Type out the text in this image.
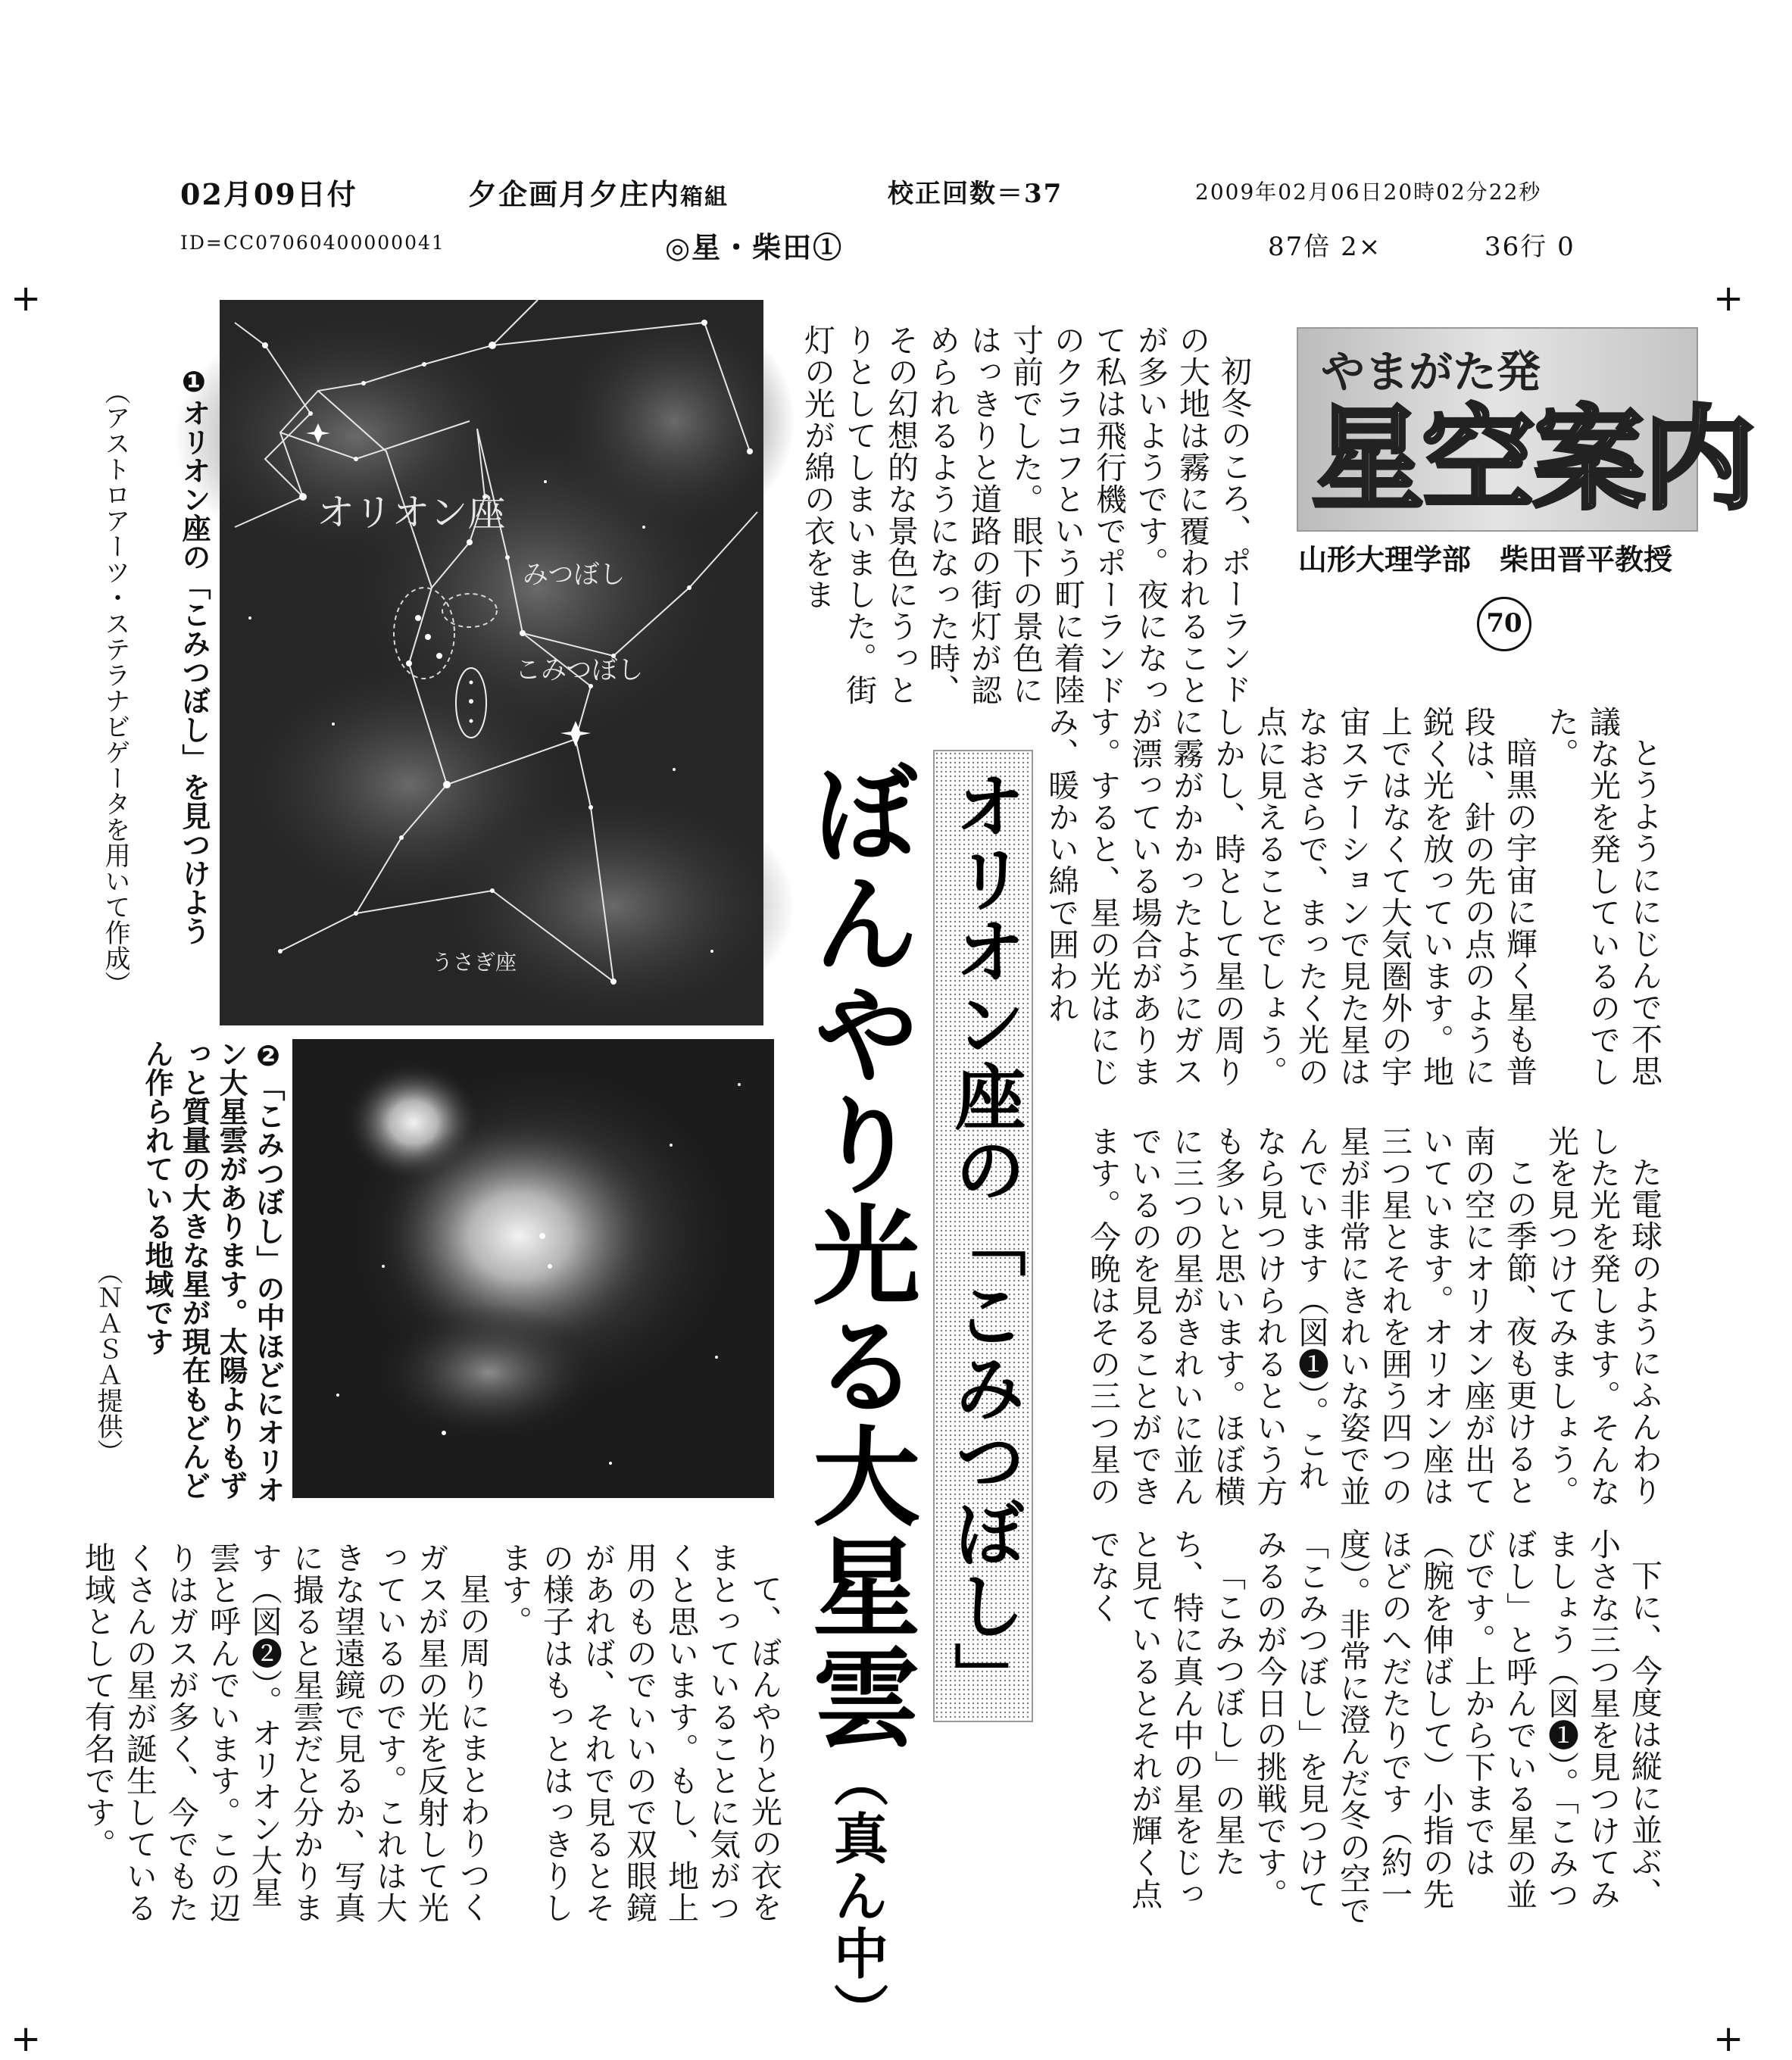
02月09日付	夕企画月夕庄内箱組	校正回数＝37	2009年02月06日20時02分22秒
ID=CC07060400000041	◎星・柴田①	87倍 2×	36行 0
+	+
+	+
やまがた発
星空案内
山形大理学部　柴田晋平教授
70
オリオン座
みつぼし
こみつぼし
うさぎ座
❶オリオン座の「こみつぼし」を見つけよう
（アストロアーツ・ステラナビゲータを用いて作成）
❷「こみつぼし」の中ほどにオリオン大星雲があります。太陽よりもずっと質量の大きな星が現在もどんどん作られている地域です
（ＮＡＳＡ提供）	オリオン座の「こみつぼし」
ぼんやり光る大星雲（真ん中）

初冬のころ、ポーランドの大地は霧に覆われることが多いようです。夜になって私は飛行機でポーランドのクラコフという町に着陸寸前でした。眼下の景色にはっきりと道路の街灯が認められるようになった時、その幻想的な景色にうっとりとしてしまいました。街灯の光が綿の衣をま

とうようににじんで不思議な光を発しているのでした。

暗黒の宇宙に輝く星も普段は、針の先の点のように鋭く光を放っています。地上ではなくて大気圏外の宇宙ステーションで見た星はなおさらで、まったく光の点に見えることでしょう。しかし、時として星の周りに霧がかかったようにガスが漂っている場合があります。すると、星の光はにじみ、暖かい綿で囲われ

た電球のようにふんわりした光を発します。そんな光を見つけてみましょう。

この季節、夜も更けると南の空にオリオン座が出ていています。オリオン座は三つ星とそれを囲う四つの星が非常にきれいな姿で並んでいます（図❶）。これなら見つけられるという方も多いと思います。ほぼ横に三つの星がきれいに並んでいるのを見ることができます。今晩はその三つ星の

下に、今度は縦に並ぶ、小さな三つ星を見つけてみましょう（図❶）。「こみつぼし」と呼んでいる星の並びです。上から下までは（腕を伸ばして）小指の先ほどのへだたりです（約一度）。非常に澄んだ冬の空で「こみつぼし」を見つけてみるのが今日の挑戦です。

「こみつぼし」の星たち、特に真ん中の星をじっと見ているとそれが輝く点でなく

て、ぼんやりと光の衣をまとっていることに気がつくと思います。もし、地上用のものでいいので双眼鏡があれば、それで見るとその様子はもっとはっきりします。

星の周りにまとわりつくガスが星の光を反射して光っているのです。これは大きな望遠鏡で見るか、写真に撮ると星雲だと分かります（図❷）。オリオン大星雲と呼んでいます。この辺りはガスが多く、今でもたくさんの星が誕生している地域として有名です。
